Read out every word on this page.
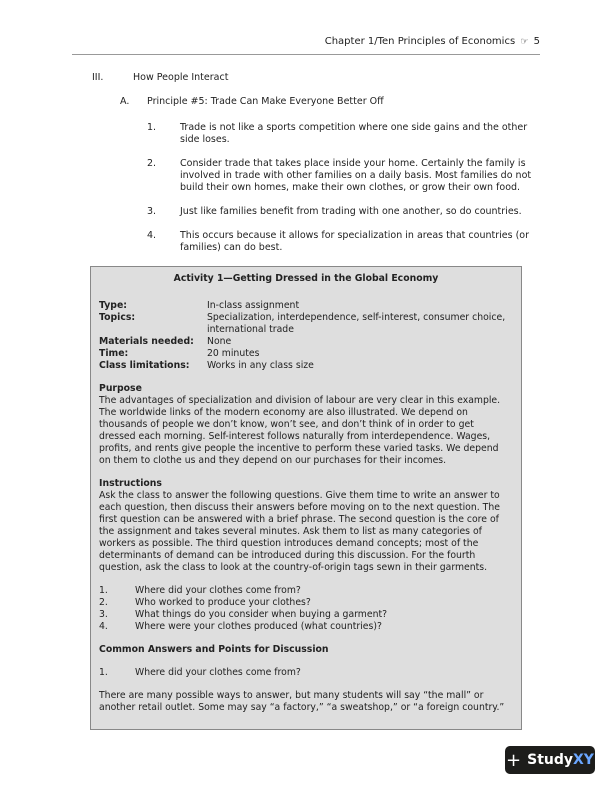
Chapter 1/Ten Principles of Economics ☞ 5
III.	How People Interact
A. Principle #5: Trade Can Make Everyone Better Off
1.	Trade is not like a sports competition where one side gains and the other side loses.
2.	Consider trade that takes place inside your home. Certainly the family is involved in trade with other families on a daily basis. Most families do not build their own homes, make their own clothes, or grow their own food.
3.	Just like families benefit from trading with one another, so do countries.
4.	This occurs because it allows for specialization in areas that countries (or families) can do best.
Activity 1—Getting Dressed in the Global Economy
Type:	In-class assignment
Topics:	Specialization, interdependence, self-interest, consumer choice, international trade
Materials needed:	None
Time:	20 minutes
Class limitations:	Works in any class size
Purpose
The advantages of specialization and division of labour are very clear in this example. The worldwide links of the modern economy are also illustrated. We depend on thousands of people we don’t know, won’t see, and don’t think of in order to get dressed each morning. Self-interest follows naturally from interdependence. Wages, profits, and rents give people the incentive to perform these varied tasks. We depend on them to clothe us and they depend on our purchases for their incomes.
Instructions
Ask the class to answer the following questions. Give them time to write an answer to each question, then discuss their answers before moving on to the next question. The first question can be answered with a brief phrase. The second question is the core of the assignment and takes several minutes. Ask them to list as many categories of workers as possible. The third question introduces demand concepts; most of the determinants of demand can be introduced during this discussion. For the fourth question, ask the class to look at the country-of-origin tags sewn in their garments.
1.	Where did your clothes come from?
2.	Who worked to produce your clothes?
3.	What things do you consider when buying a garment?
4.	Where were your clothes produced (what countries)?
Common Answers and Points for Discussion
1.	Where did your clothes come from?
There are many possible ways to answer, but many students will say “the mall” or another retail outlet. Some may say “a factory,” “a sweatshop,” or “a foreign country.”
+ Study XY
